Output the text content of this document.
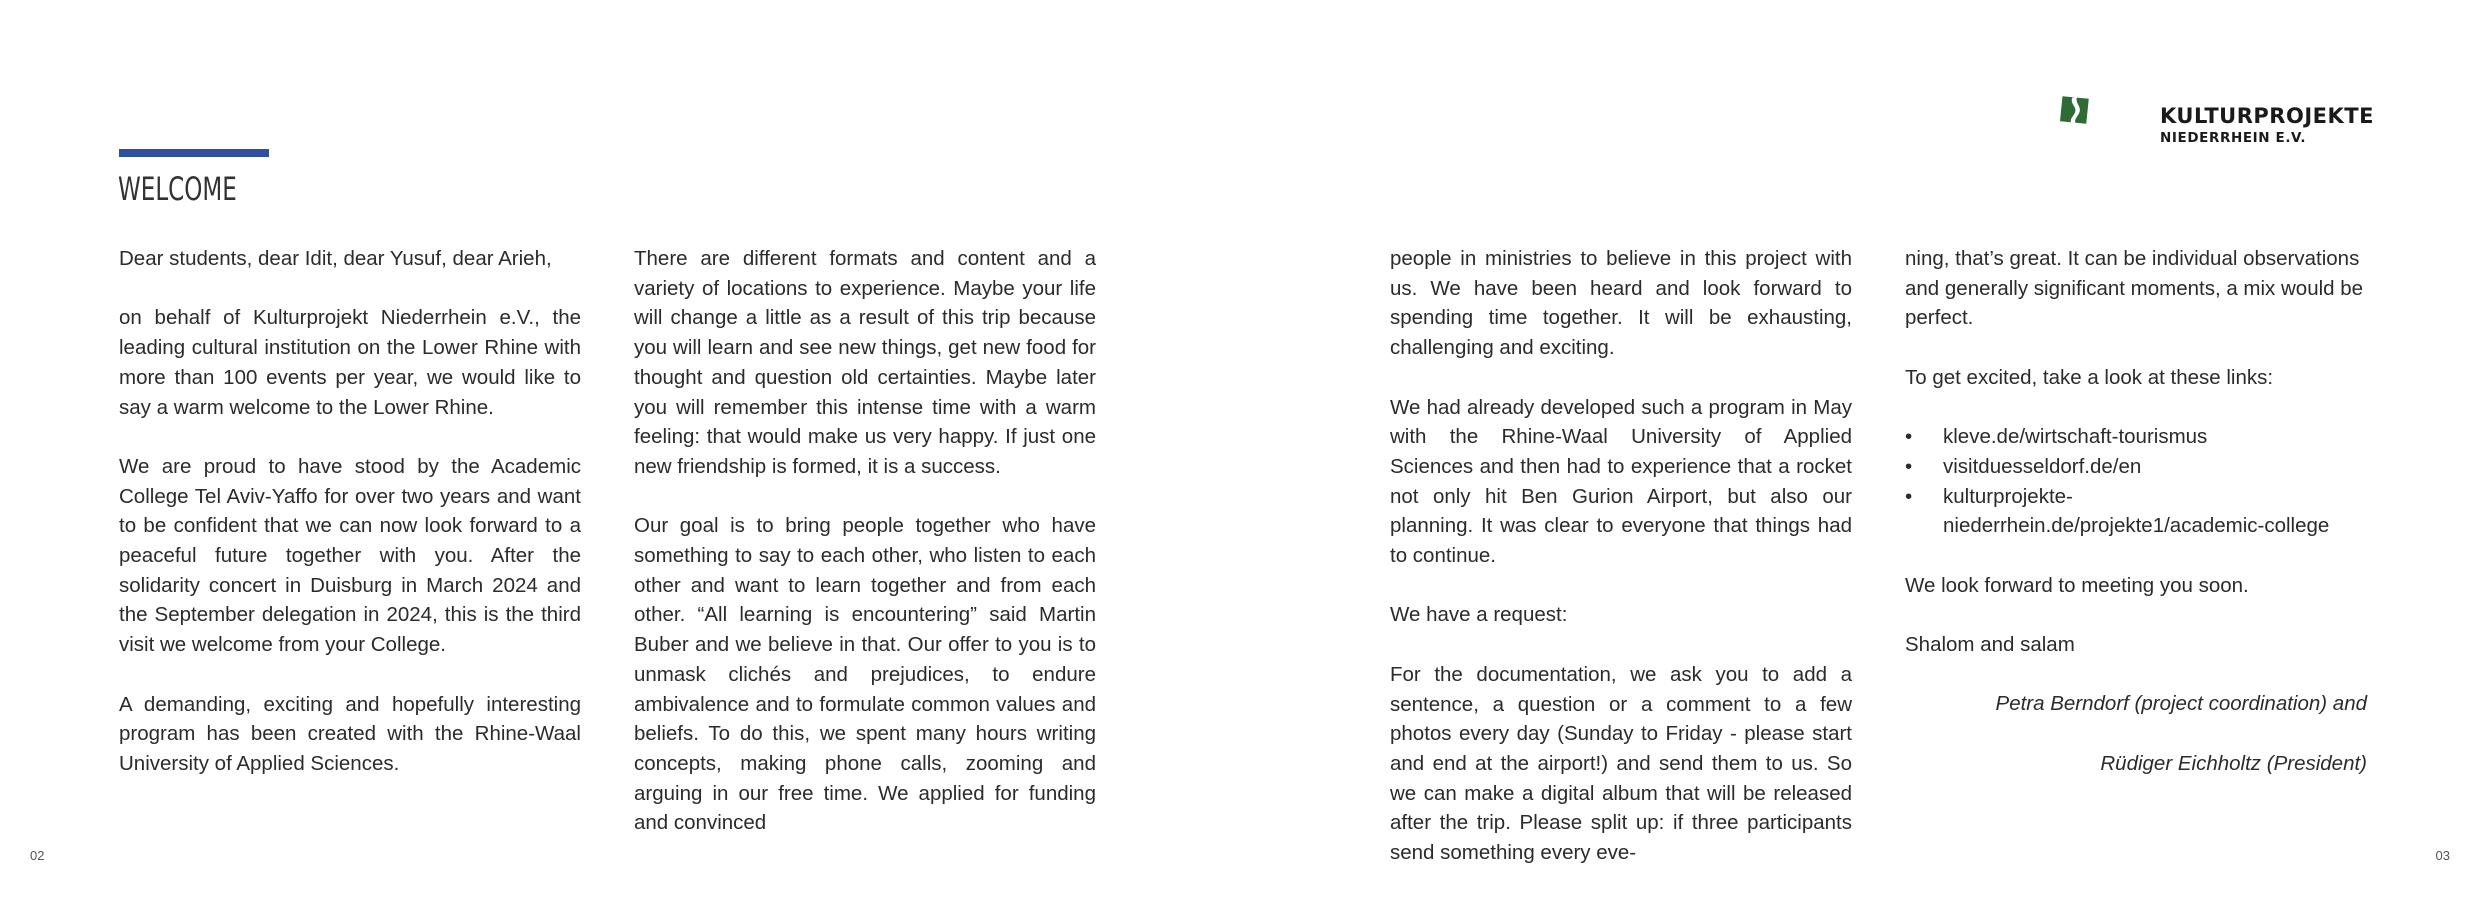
KULTURPROJEKTE
NIEDERRHEIN E.V.
WELCOME

Dear students, dear Idit, dear Yusuf, dear Arieh,

on behalf of Kulturprojekt Niederrhein e.V., the leading cultural institution on the Lower Rhine with more than 100 events per year, we would like to say a warm welcome to the Lower Rhine.

We are proud to have stood by the Academic College Tel Aviv-Yaffo for over two years and want to be confident that we can now look forward to a peaceful future together with you. After the solidarity concert in Duisburg in March 2024 and the September delegation in 2024, this is the third visit we welcome from your College.

A demanding, exciting and hopefully interesting program has been created with the Rhine-Waal University of Applied Sciences.

There are different formats and content and a variety of locations to experience. Maybe your life will change a little as a result of this trip because you will learn and see new things, get new food for thought and question old certainties. Maybe later you will remember this intense time with a warm feeling: that would make us very happy. If just one new friendship is formed, it is a success.

Our goal is to bring people together who have something to say to each other, who listen to each other and want to learn together and from each other. “All learning is encountering” said Martin Buber and we believe in that. Our offer to you is to unmask clichés and prejudices, to endure ambivalence and to formulate common values and beliefs. To do this, we spent many hours writing concepts, making phone calls, zooming and arguing in our free time. We applied for funding and convinced

people in ministries to believe in this project with us. We have been heard and look forward to spending time together. It will be exhausting, challenging and exciting.

We had already developed such a program in May with the Rhine-Waal University of Applied Sciences and then had to experience that a rocket not only hit Ben Gurion Airport, but also our planning. It was clear to everyone that things had to continue.

We have a request:

For the documentation, we ask you to add a sentence, a question or a comment to a few photos every day (Sunday to Friday - please start and end at the airport!) and send them to us. So we can make a digital album that will be released after the trip. Please split up: if three participants send something every eve-

ning, that’s great. It can be individual observations and generally significant moments, a mix would be perfect.

To get excited, take a look at these links:

• kleve.de/wirtschaft-tourismus
• visitduesseldorf.de/en
• kulturprojekte-niederrhein.de/projekte1/academic-college

We look forward to meeting you soon.

Shalom and salam

Petra Berndorf (project coordination) and

Rüdiger Eichholtz (President)

02	03
